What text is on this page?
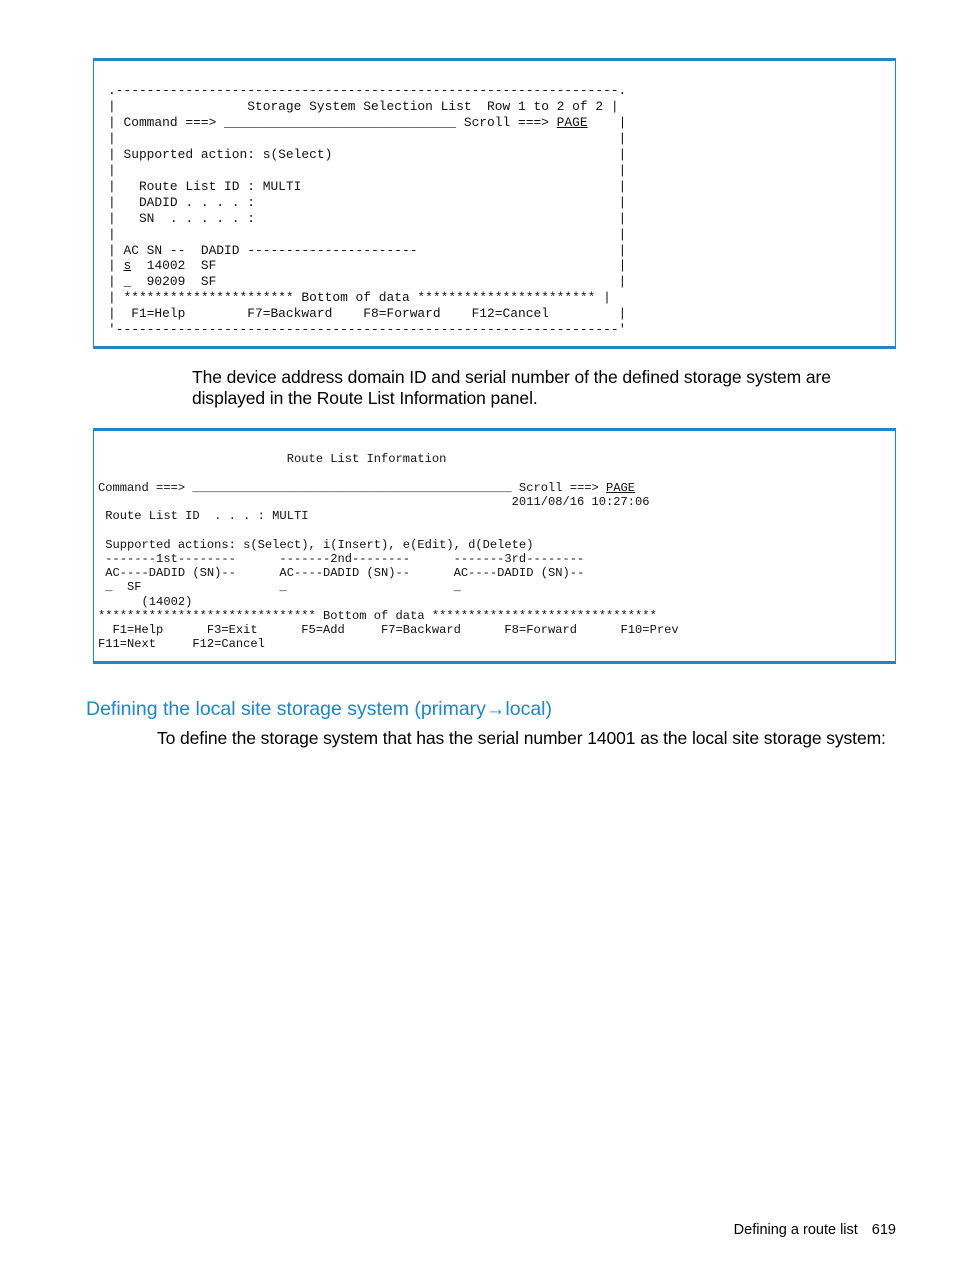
.-----------------------------------------------------------------.
|                 Storage System Selection List  Row 1 to 2 of 2 |
| Command ===> ______________________________ Scroll ===> PAGE    |
|                                                                 |
| Supported action: s(Select)                                     |
|                                                                 |
|   Route List ID : MULTI                                         |
|   DADID . . . . :                                               |
|   SN  . . . . . :                                               |
|                                                                 |
| AC SN --  DADID ----------------------                          |
| s  14002  SF                                                    |
| _  90209  SF                                                    |
| ********************** Bottom of data *********************** |
|  F1=Help        F7=Backward    F8=Forward    F12=Cancel         |
'-----------------------------------------------------------------'
The device address domain ID and serial number of the defined storage system are displayed in the Route List Information panel.
Route List Information

Command ===> ____________________________________________ Scroll ===> PAGE
2011/08/16 10:27:06
Route List ID  . . . : MULTI

Supported actions: s(Select), i(Insert), e(Edit), d(Delete)
-------1st--------      -------2nd--------      -------3rd--------
AC----DADID (SN)--      AC----DADID (SN)--      AC----DADID (SN)--
_  SF                   _                       _
(14002)
****************************** Bottom of data *******************************
F1=Help      F3=Exit      F5=Add     F7=Backward      F8=Forward      F10=Prev
F11=Next     F12=Cancel
Defining the local site storage system (primary→local)
To define the storage system that has the serial number 14001 as the local site storage system:
Defining a route list 619
